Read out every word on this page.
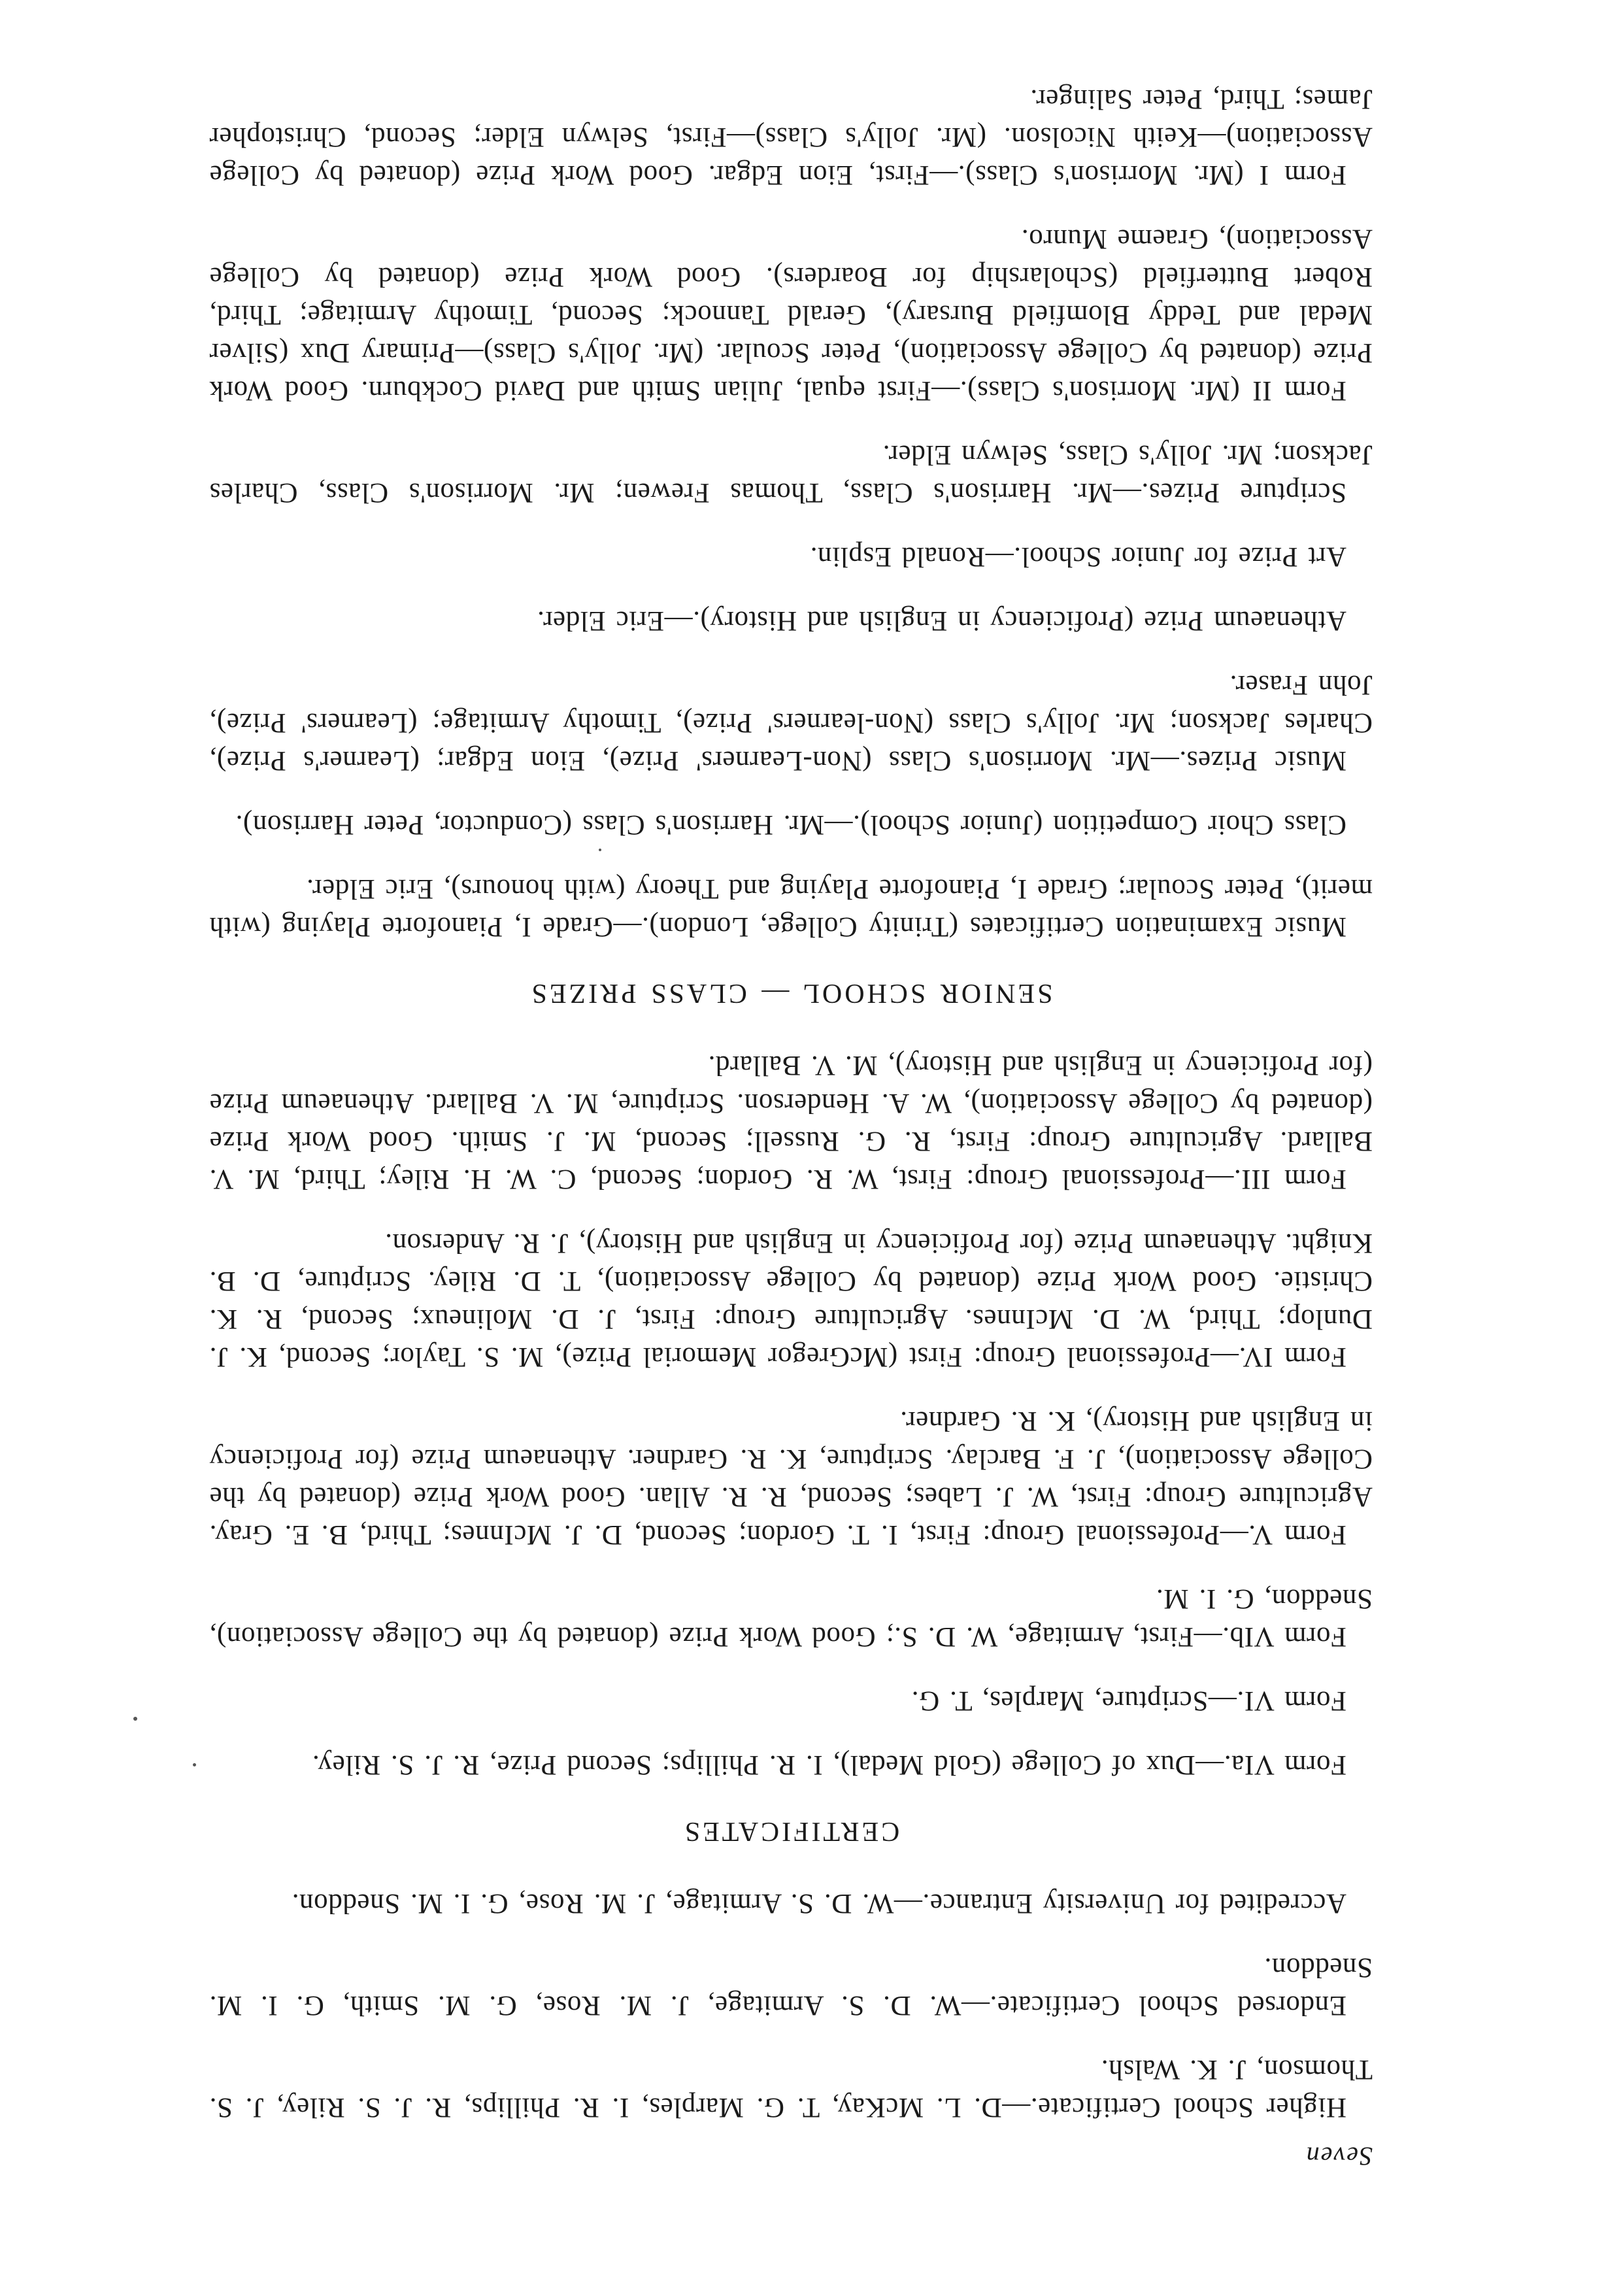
Seven

Higher School Certificate.—D. L. McKay, T. G. Marples, I. R. Phillips, R. J. S. Riley, J. S. Thomson, J. K. Walsh.

Endorsed School Certificate.—W. D. S. Armitage, J. M. Rose, G. M. Smith, G. I. M. Sneddon.

Accredited for University Entrance.—W. D. S. Armitage, J. M. Rose, G. I. M. Sneddon.

CERTIFICATES

Form VIa.—Dux of College (Gold Medal), I. R. Phillips; Second Prize, R. J. S. Riley.

Form VI.—Scripture, Marples, T. G.

Form VIb.—First, Armitage, W. D. S.; Good Work Prize (donated by the College Association), Sneddon, G. I. M.

Form V.—Professional Group: First, I. T. Gordon; Second, D. J. McInnes; Third, B. E. Gray. Agriculture Group: First, W. J. Labes; Second, R. R. Allan. Good Work Prize (donated by the College Association), J. F. Barclay. Scripture, K. R. Gardner. Athenaeum Prize (for Proficiency in English and History), K. R. Gardner.

Form IV.—Professional Group: First (McGregor Memorial Prize), M. S. Taylor; Second, K. J. Dunlop; Third, W. D. McInnes. Agriculture Group: First, J. D. Molineux; Second, R. K. Christie. Good Work Prize (donated by College Association), T. D. Riley. Scripture, D. B. Knight. Athenaeum Prize (for Proficiency in English and History), J. R. Anderson.

Form III.—Professional Group: First, W. R. Gordon; Second, C. W. H. Riley; Third, M. V. Ballard. Agriculture Group: First, R. G. Russell; Second, M. J. Smith. Good Work Prize (donated by College Association), W. A. Henderson. Scripture, M. V. Ballard. Athenaeum Prize (for Proficiency in English and History), M. V. Ballard.

SENIOR SCHOOL — CLASS PRIZES

Music Examination Certificates (Trinity College, London).—Grade I, Pianoforte Playing (with merit), Peter Scoular; Grade I, Pianoforte Playing and Theory (with honours), Eric Elder.

Class Choir Competition (Junior School).—Mr. Harrison's Class (Conductor, Peter Harrison).

Music Prizes.—Mr. Morrison's Class (Non-Learners' Prize), Eion Edgar; (Learner's Prize), Charles Jackson; Mr. Jolly's Class (Non-learners' Prize), Timothy Armitage; (Learners' Prize), John Fraser.

Athenaeum Prize (Proficiency in English and History).—Eric Elder.

Art Prize for Junior School.—Ronald Esplin.

Scripture Prizes.—Mr. Harrison's Class, Thomas Frewen; Mr. Morrison's Class, Charles Jackson; Mr. Jolly's Class, Selwyn Elder.

Form II (Mr. Morrison's Class).—First equal, Julian Smith and David Cockburn. Good Work Prize (donated by College Association), Peter Scoular. (Mr. Jolly's Class)—Primary Dux (Silver Medal and Teddy Blomfield Bursary), Gerald Tannock; Second, Timothy Armitage; Third, Robert Butterfield (Scholarship for Boarders). Good Work Prize (donated by College Association), Graeme Munro.

Form I (Mr. Morrison's Class).—First, Eion Edgar. Good Work Prize (donated by College Association)—Keith Nicolson. (Mr. Jolly's Class)—First, Selwyn Elder; Second, Christopher James; Third, Peter Salinger.
